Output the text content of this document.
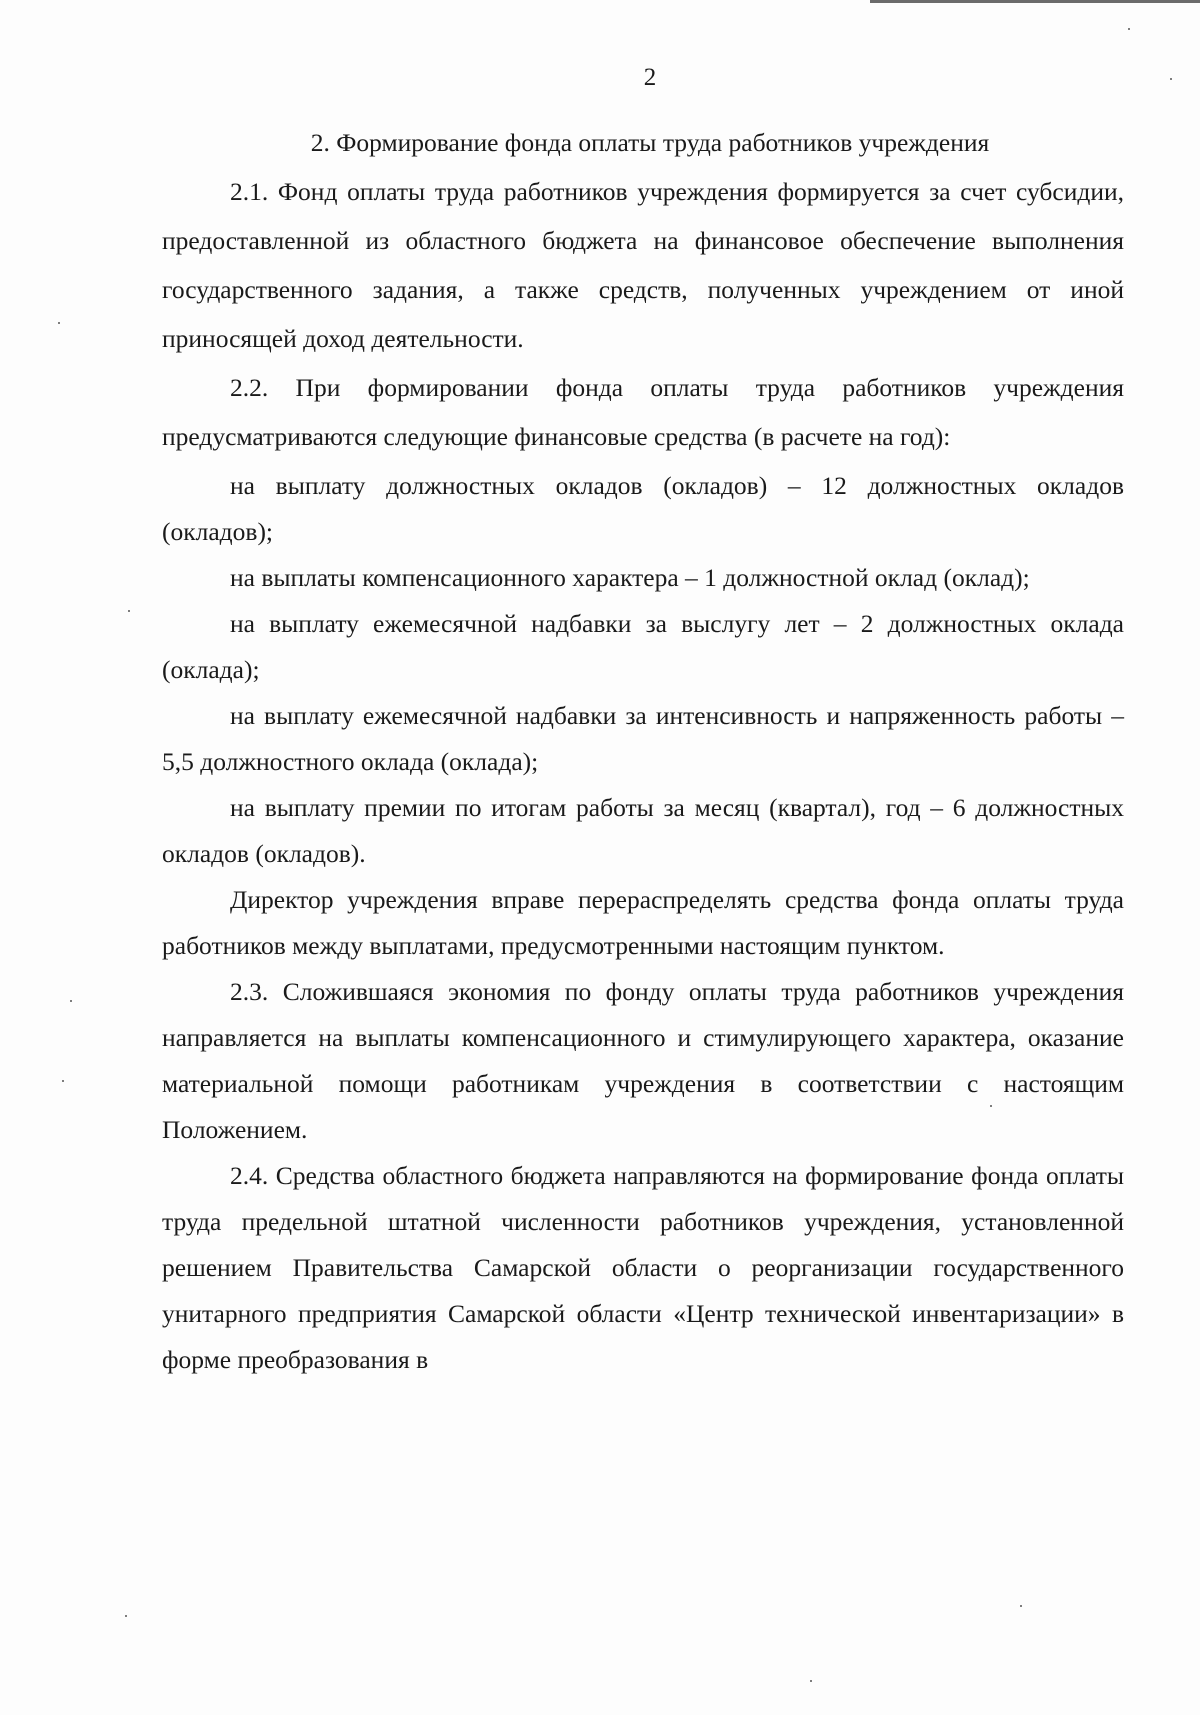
2
2. Формирование фонда оплаты труда работников учреждения

2.1. Фонд оплаты труда работников учреждения формируется за счет субсидии, предоставленной из областного бюджета на финансовое обеспечение выполнения государственного задания, а также средств, полученных учреждением от иной приносящей доход деятельности.

2.2. При формировании фонда оплаты труда работников учреждения предусматриваются следующие финансовые средства (в расчете на год):

на выплату должностных окладов (окладов) – 12 должностных окладов (окладов);

на выплаты компенсационного характера – 1 должностной оклад (оклад);

на выплату ежемесячной надбавки за выслугу лет – 2 должностных оклада (оклада);

на выплату ежемесячной надбавки за интенсивность и напряженность работы – 5,5 должностного оклада (оклада);

на выплату премии по итогам работы за месяц (квартал), год – 6 должностных окладов (окладов).

Директор учреждения вправе перераспределять средства фонда оплаты труда работников между выплатами, предусмотренными настоящим пунктом.

2.3. Сложившаяся экономия по фонду оплаты труда работников учреждения направляется на выплаты компенсационного и стимулирующего характера, оказание материальной помощи работникам учреждения в соответствии с настоящим Положением.

2.4. Средства областного бюджета направляются на формирование фонда оплаты труда предельной штатной численности работников учреждения, установленной решением Правительства Самарской области о реорганизации государственного унитарного предприятия Самарской области «Центр технической инвентаризации» в форме преобразования в
